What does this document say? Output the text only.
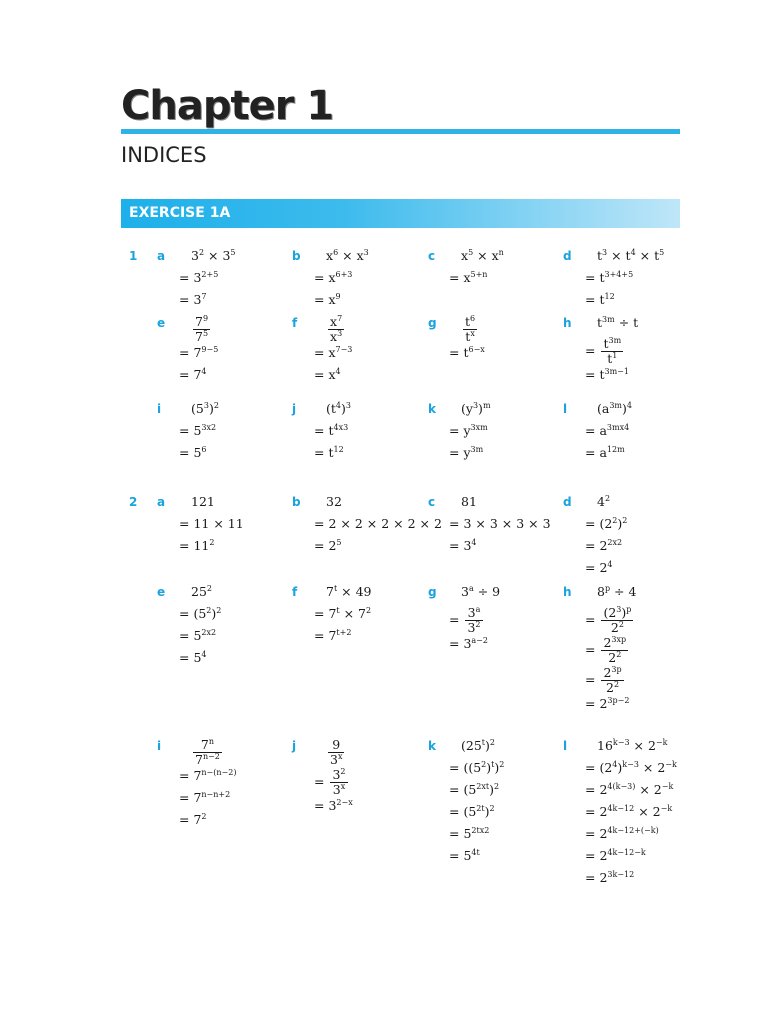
Chapter 1
INDICES
EXERCISE 1A
1 a $3^2 \times 3^5$
= $3^{2+5}$
= $3^7$
b $x^6 \times x^3$
= $x^{6+3}$
= $x^9$
c $x^5 \times x^n$
= $x^{5+n}$
d $t^3 \times t^4 \times t^5$
= $t^{3+4+5}$
= $t^{12}$
e $\frac{7^9}{7^5}$
= $7^{9-5}$
= $7^4$
f $\frac{x^7}{x^3}$
= $x^{7-3}$
= $x^4$
g $\frac{t^6}{t^x}$
= $t^{6-x}$
h $t^{3m} \div t$
= $\frac{t^{3m}}{t^1}$
= $t^{3m-1}$
i $(5^3)^2$
= $5^{3x2}$
= $5^6$
j $(t^4)^3$
= $t^{4x3}$
= $t^{12}$
k $(y^3)^m$
= $y^{3xm}$
= $y^{3m}$
l $(a^{3m})^4$
= $a^{3mx4}$
= $a^{12m}$
2 a 121
= 11 × 11
= $11^2$
b 32
= 2 × 2 × 2 × 2 × 2
= $2^5$
c 81
= 3 × 3 × 3 × 3
= $3^4$
d $4^2$
= $(2^2)^2$
= $2^{2x2}$
= $2^4$
e $25^2$
= $(5^2)^2$
= $5^{2x2}$
= $5^4$
f $7^t \times 49$
= $7^t \times 7^2$
= $7^{t+2}$
g $3^a \div 9$
= $\frac{3^a}{3^2}$
= $3^{a-2}$
h $8^p \div 4$
= $\frac{(2^3)^p}{2^2}$
= $\frac{2^{3xp}}{2^2}$
= $\frac{2^{3p}}{2^2}$
= $2^{3p-2}$
i	$\frac{7^n}{7^{n-2}}$
= $7^{n-(n-2)}$
= $7^{n-n+2}$
= $7^2$
j	$\frac{9}{3^x}$
= $\frac{3^2}{3^x}$
= $3^{2-x}$
k $(25^t)^2$
= $((5^2)^t)^2$
= $(5^{2xt})^2$
= $(5^{2t})^2$
= $5^{2tx2}$
= $5^{4t}$
l $16^{k-3} \times 2^{-k}$
= $(2^4)^{k-3} \times 2^{-k}$
= $2^{4(k-3)} \times 2^{-k}$
= $2^{4k-12} \times 2^{-k}$
= $2^{4k-12+(-k)}$
= $2^{4k-12-k}$
= $2^{3k-12}$
